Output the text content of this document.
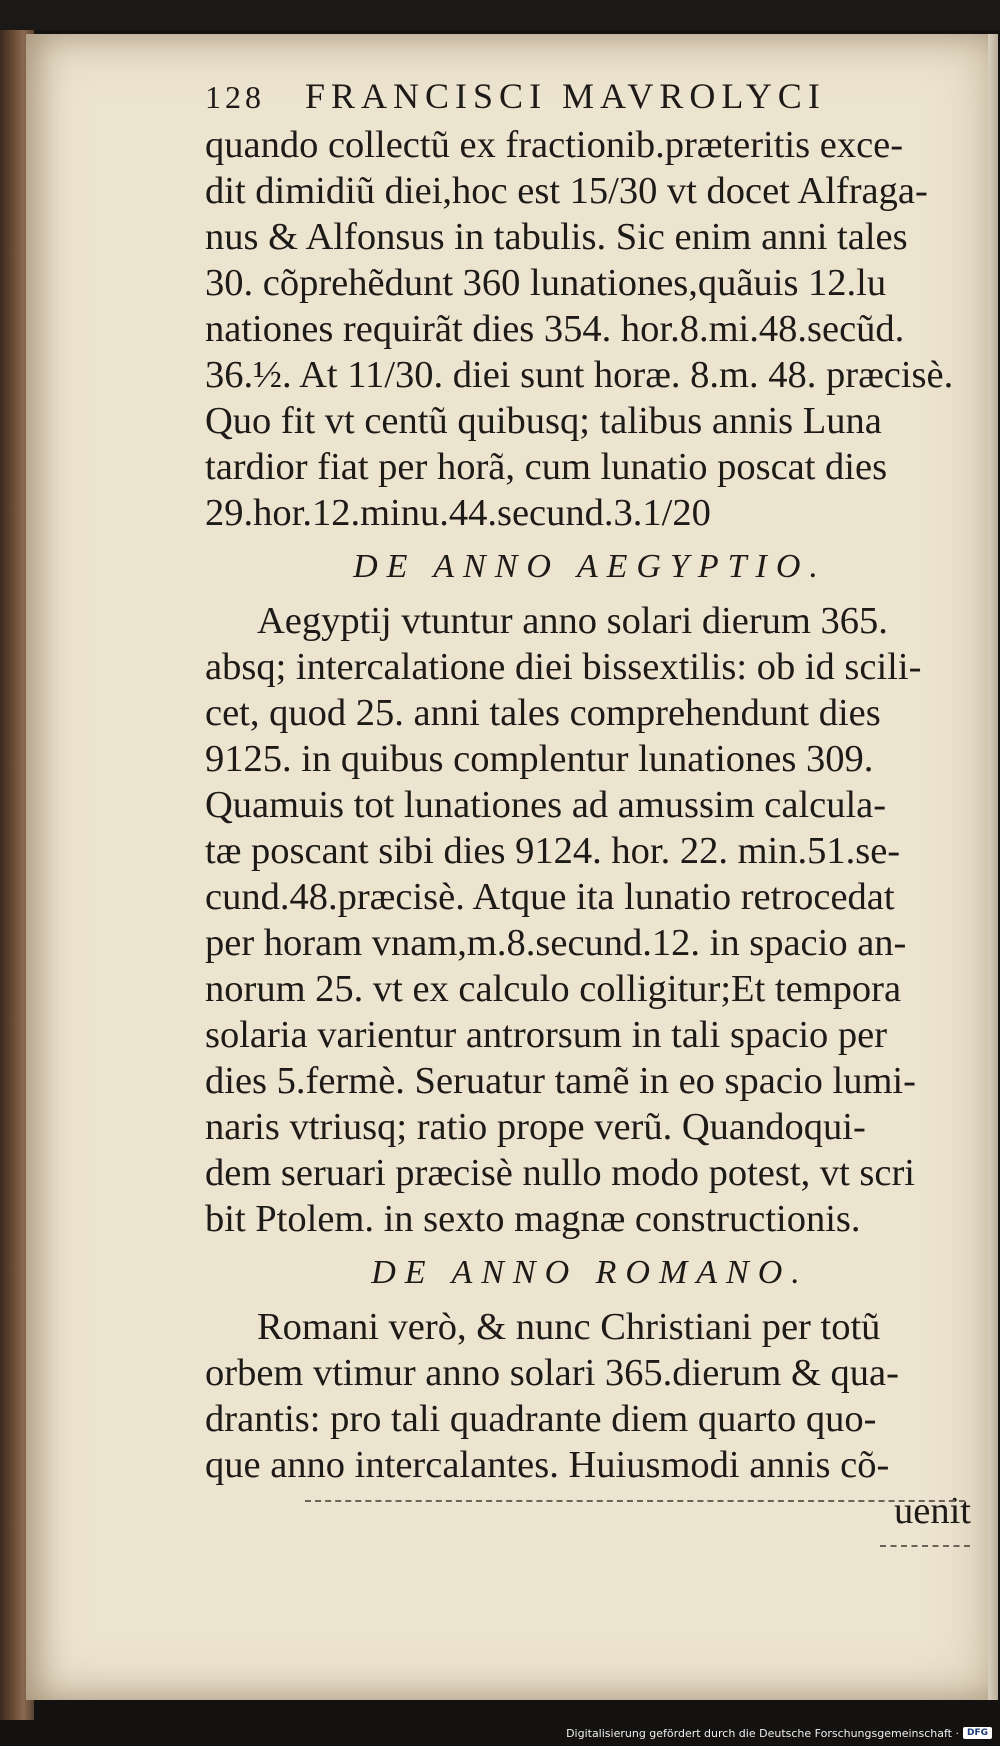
128	FRANCISCI MAVROLYCI
quando collectũ ex fractionib.præteritis exce-
dit dimidiũ diei,hoc est 15/30 vt docet Alfraga-
nus & Alfonsus in tabulis. Sic enim anni tales
30. cõprehẽdunt 360 lunationes,quãuis 12.lu
nationes requirãt dies 354. hor.8.mi.48.secũd.
36.½. At 11/30. diei sunt horæ. 8.m. 48. præcisè.
Quo fit vt centũ quibusq; talibus annis Luna
tardior fiat per horã, cum lunatio poscat dies
29.hor.12.minu.44.secund.3.1/20
DE ANNO AEGYPTIO.
Aegyptij vtuntur anno solari dierum 365.
absq; intercalatione diei bissextilis: ob id scili-
cet, quod 25. anni tales comprehendunt dies
9125. in quibus complentur lunationes 309.
Quamuis tot lunationes ad amussim calcula-
tæ poscant sibi dies 9124. hor. 22. min.51.se-
cund.48.præcisè. Atque ita lunatio retrocedat
per horam vnam,m.8.secund.12. in spacio an-
norum 25. vt ex calculo colligitur;Et tempora
solaria varientur antrorsum in tali spacio per
dies 5.fermè. Seruatur tamẽ in eo spacio lumi-
naris vtriusq; ratio prope verũ. Quandoqui-
dem seruari præcisè nullo modo potest, vt scri
bit Ptolem. in sexto magnæ constructionis.
DE ANNO ROMANO.
Romani verò, & nunc Christiani per totũ
orbem vtimur anno solari 365.dierum & qua-
drantis: pro tali quadrante diem quarto quo-
que anno intercalantes. Huiusmodi annis cõ-
uenit
Digitalisierung gefördert durch die Deutsche Forschungsgemeinschaft · DFG
